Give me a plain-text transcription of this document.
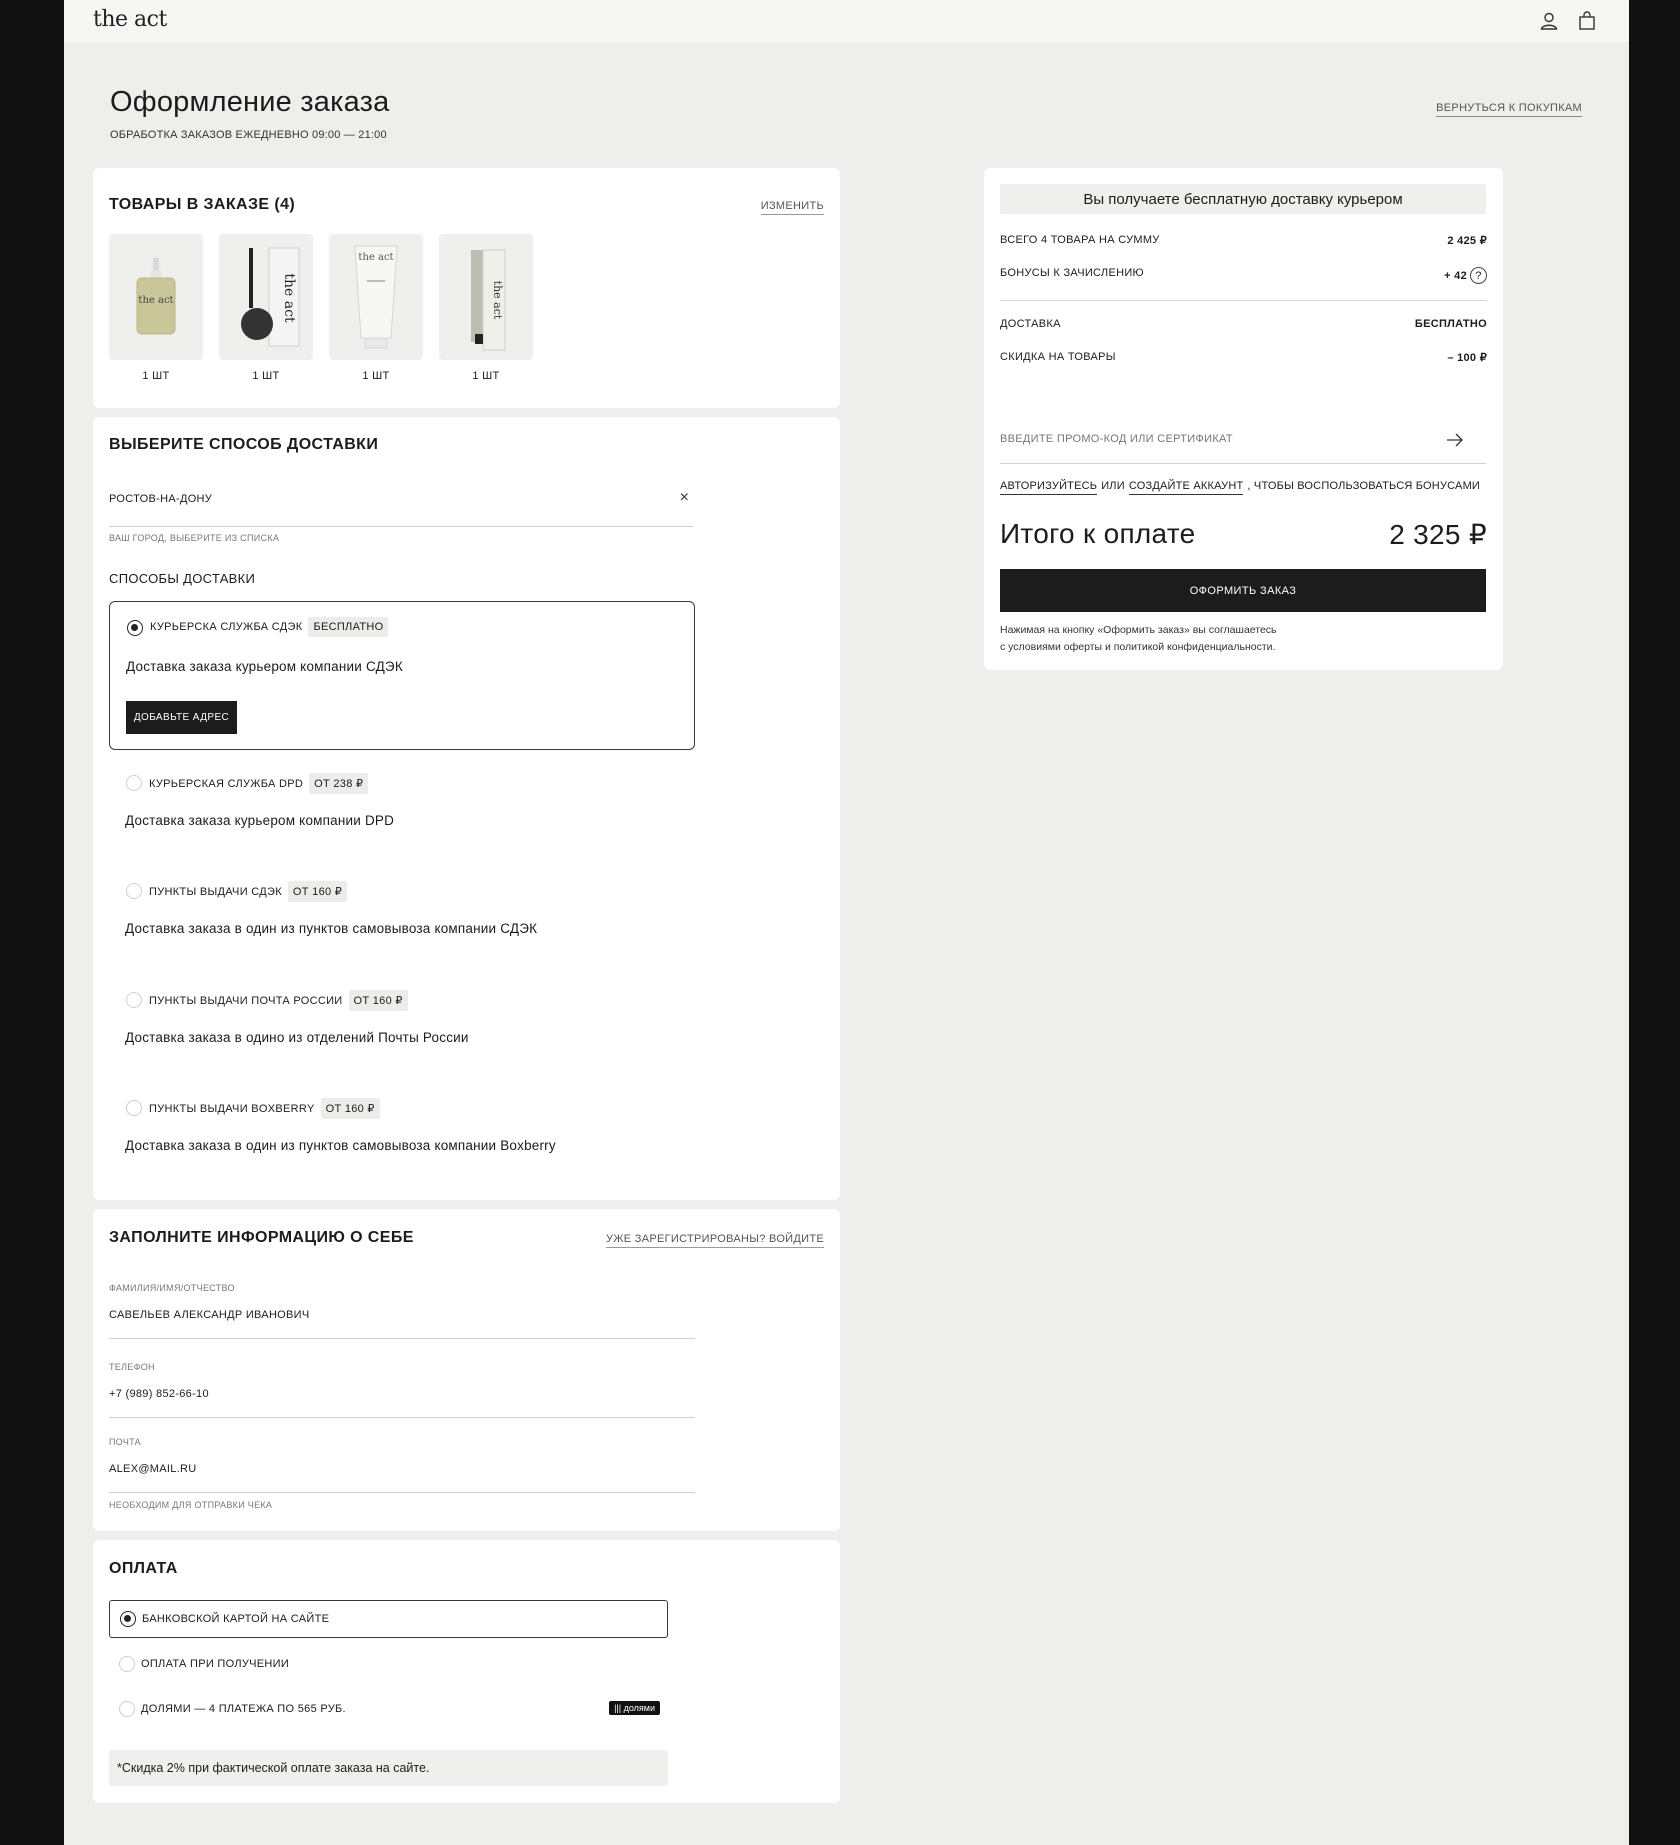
the act
Оформление заказа
ОБРАБОТКА ЗАКАЗОВ ЕЖЕДНЕВНО 09:00 — 21:00
ВЕРНУТЬСЯ К ПОКУПКАМ
ТОВАРЫ В ЗАКАЗЕ (4)	ИЗМЕНИТЬ
the act
1 ШТ
the act
1 ШТ
the act
1 ШТ
the act
1 ШТ
ВЫБЕРИТЕ СПОСОБ ДОСТАВКИ
РОСТОВ-НА-ДОНУ	×
ВАШ ГОРОД, ВЫБЕРИТЕ ИЗ СПИСКА
СПОСОБЫ ДОСТАВКИ
КУРЬЕРСКА СЛУЖБА СДЭК	БЕСПЛАТНО
Доставка заказа курьером компании СДЭК
ДОБАВЬТЕ АДРЕС
КУРЬЕРСКАЯ СЛУЖБА DPD	ОТ 238 ₽
Доставка заказа курьером компании DPD
ПУНКТЫ ВЫДАЧИ СДЭК	ОТ 160 ₽
Доставка заказа в один из пунктов самовывоза компании СДЭК
ПУНКТЫ ВЫДАЧИ ПОЧТА РОССИИ	ОТ 160 ₽
Доставка заказа в одино из отделений Почты России
ПУНКТЫ ВЫДАЧИ BOXBERRY	ОТ 160 ₽
Доставка заказа в один из пунктов самовывоза компании Boxberry
ЗАПОЛНИТЕ ИНФОРМАЦИЮ О СЕБЕ	УЖЕ ЗАРЕГИСТРИРОВАНЫ? ВОЙДИТЕ
ФАМИЛИЯ/ИМЯ/ОТЧЕСТВО
САВЕЛЬЕВ АЛЕКСАНДР ИВАНОВИЧ
ТЕЛЕФОН
+7 (989) 852-66-10
ПОЧТА
ALEX@MAIL.RU
НЕОБХОДИМ ДЛЯ ОТПРАВКИ ЧЕКА
ОПЛАТА
БАНКОВСКОЙ КАРТОЙ НА САЙТЕ
ОПЛАТА ПРИ ПОЛУЧЕНИИ
ДОЛЯМИ — 4 ПЛАТЕЖА ПО 565 РУБ.	||| долями
*Скидка 2% при фактической оплате заказа на сайте.
Вы получаете бесплатную доставку курьером
ВСЕГО 4 ТОВАРА НА СУММУ	2 425 ₽
БОНУСЫ К ЗАЧИСЛЕНИЮ	+ 42 ?
ДОСТАВКА	БЕСПЛАТНО
СКИДКА НА ТОВАРЫ	– 100 ₽
ВВЕДИТЕ ПРОМО-КОД ИЛИ СЕРТИФИКАТ
АВТОРИЗУЙТЕСЬ ИЛИ СОЗДАЙТЕ АККАУНТ , ЧТОБЫ ВОСПОЛЬЗОВАТЬСЯ БОНУСАМИ
Итого к оплате	2 325 ₽
ОФОРМИТЬ ЗАКАЗ
Нажимая на кнопку «Оформить заказ» вы соглашаетесь
с условиями оферты и политикой конфиденциальности.
